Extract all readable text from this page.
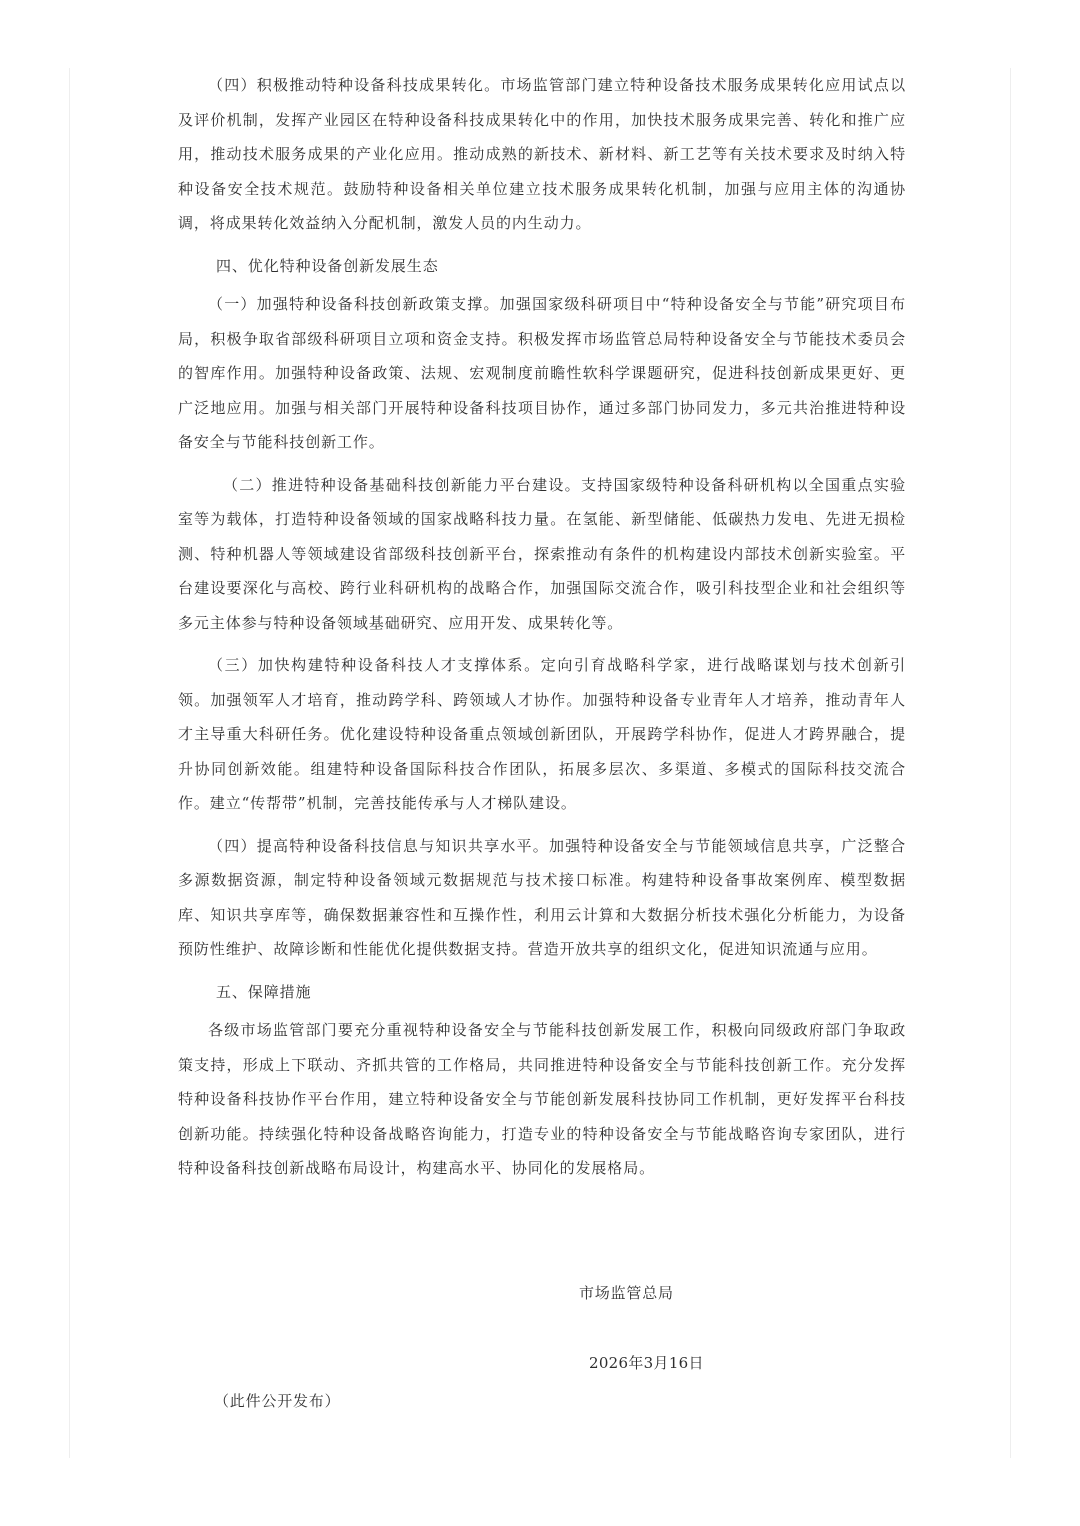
（四）积极推动特种设备科技成果转化。市场监管部门建立特种设备技术服务成果转化应用试点以及评价机制，发挥产业园区在特种设备科技成果转化中的作用，加快技术服务成果完善、转化和推广应用，推动技术服务成果的产业化应用。推动成熟的新技术、新材料、新工艺等有关技术要求及时纳入特种设备安全技术规范。鼓励特种设备相关单位建立技术服务成果转化机制，加强与应用主体的沟通协调，将成果转化效益纳入分配机制，激发人员的内生动力。

四、优化特种设备创新发展生态

（一）加强特种设备科技创新政策支撑。加强国家级科研项目中“特种设备安全与节能”研究项目布局，积极争取省部级科研项目立项和资金支持。积极发挥市场监管总局特种设备安全与节能技术委员会的智库作用。加强特种设备政策、法规、宏观制度前瞻性软科学课题研究，促进科技创新成果更好、更广泛地应用。加强与相关部门开展特种设备科技项目协作，通过多部门协同发力，多元共治推进特种设备安全与节能科技创新工作。

（二）推进特种设备基础科技创新能力平台建设。支持国家级特种设备科研机构以全国重点实验室等为载体，打造特种设备领域的国家战略科技力量。在氢能、新型储能、低碳热力发电、先进无损检测、特种机器人等领域建设省部级科技创新平台，探索推动有条件的机构建设内部技术创新实验室。平台建设要深化与高校、跨行业科研机构的战略合作，加强国际交流合作，吸引科技型企业和社会组织等多元主体参与特种设备领域基础研究、应用开发、成果转化等。

（三）加快构建特种设备科技人才支撑体系。定向引育战略科学家，进行战略谋划与技术创新引领。加强领军人才培育，推动跨学科、跨领域人才协作。加强特种设备专业青年人才培养，推动青年人才主导重大科研任务。优化建设特种设备重点领域创新团队，开展跨学科协作，促进人才跨界融合，提升协同创新效能。组建特种设备国际科技合作团队，拓展多层次、多渠道、多模式的国际科技交流合作。建立“传帮带”机制，完善技能传承与人才梯队建设。

（四）提高特种设备科技信息与知识共享水平。加强特种设备安全与节能领域信息共享，广泛整合多源数据资源，制定特种设备领域元数据规范与技术接口标准。构建特种设备事故案例库、模型数据库、知识共享库等，确保数据兼容性和互操作性，利用云计算和大数据分析技术强化分析能力，为设备预防性维护、故障诊断和性能优化提供数据支持。营造开放共享的组织文化，促进知识流通与应用。

五、保障措施

各级市场监管部门要充分重视特种设备安全与节能科技创新发展工作，积极向同级政府部门争取政策支持，形成上下联动、齐抓共管的工作格局，共同推进特种设备安全与节能科技创新工作。充分发挥特种设备科技协作平台作用，建立特种设备安全与节能创新发展科技协同工作机制，更好发挥平台科技创新功能。持续强化特种设备战略咨询能力，打造专业的特种设备安全与节能战略咨询专家团队，进行特种设备科技创新战略布局设计，构建高水平、协同化的发展格局。

市场监管总局
2026年3月16日
（此件公开发布）
